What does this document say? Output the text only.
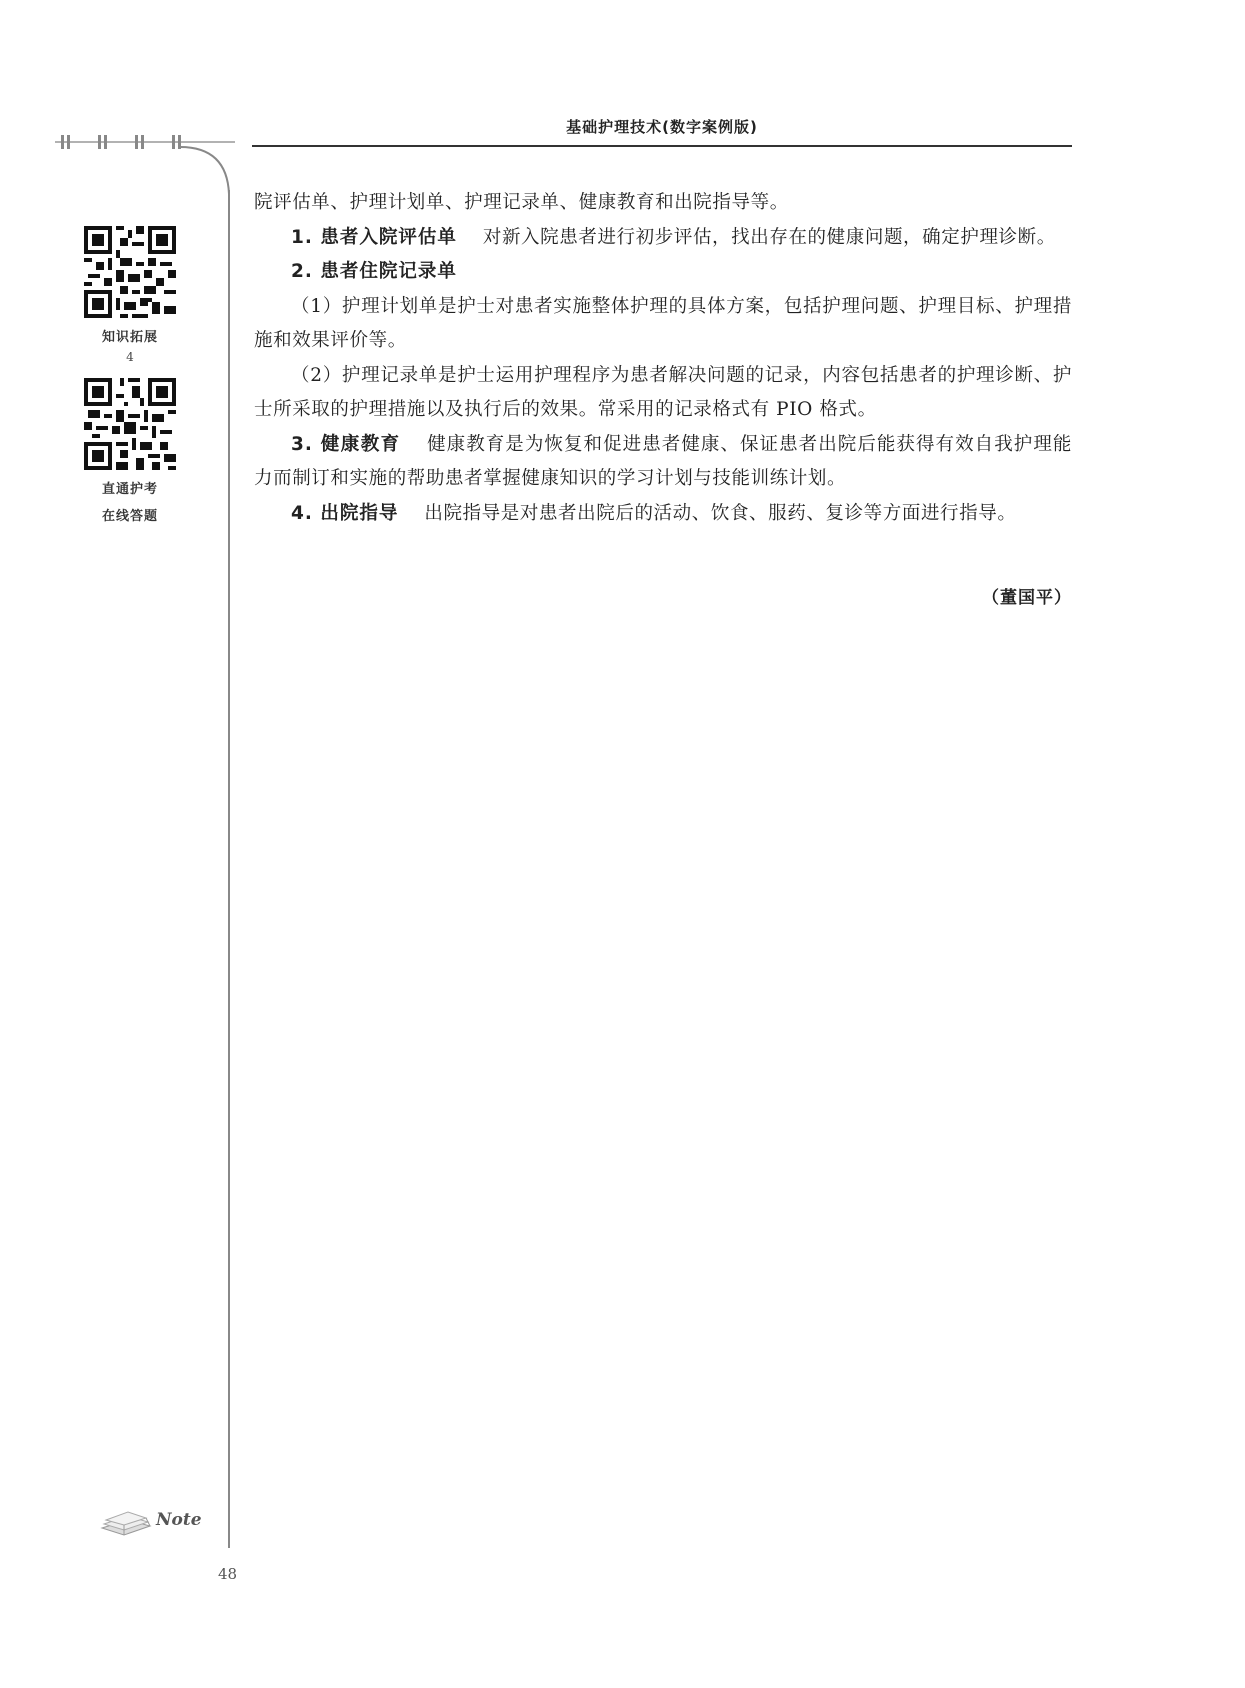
基础护理技术(数字案例版)
知识拓展
4
直通护考
在线答题

院评估单、护理计划单、护理记录单、健康教育和出院指导等。

1. 患者入院评估单 对新入院患者进行初步评估，找出存在的健康问题，确定护理诊断。

2. 患者住院记录单

（1）护理计划单是护士对患者实施整体护理的具体方案，包括护理问题、护理目标、护理措施和效果评价等。

（2）护理记录单是护士运用护理程序为患者解决问题的记录，内容包括患者的护理诊断、护士所采取的护理措施以及执行后的效果。常采用的记录格式有 PIO 格式。

3. 健康教育 健康教育是为恢复和促进患者健康、保证患者出院后能获得有效自我护理能力而制订和实施的帮助患者掌握健康知识的学习计划与技能训练计划。

4. 出院指导 出院指导是对患者出院后的活动、饮食、服药、复诊等方面进行指导。

（董国平）
Note
48
